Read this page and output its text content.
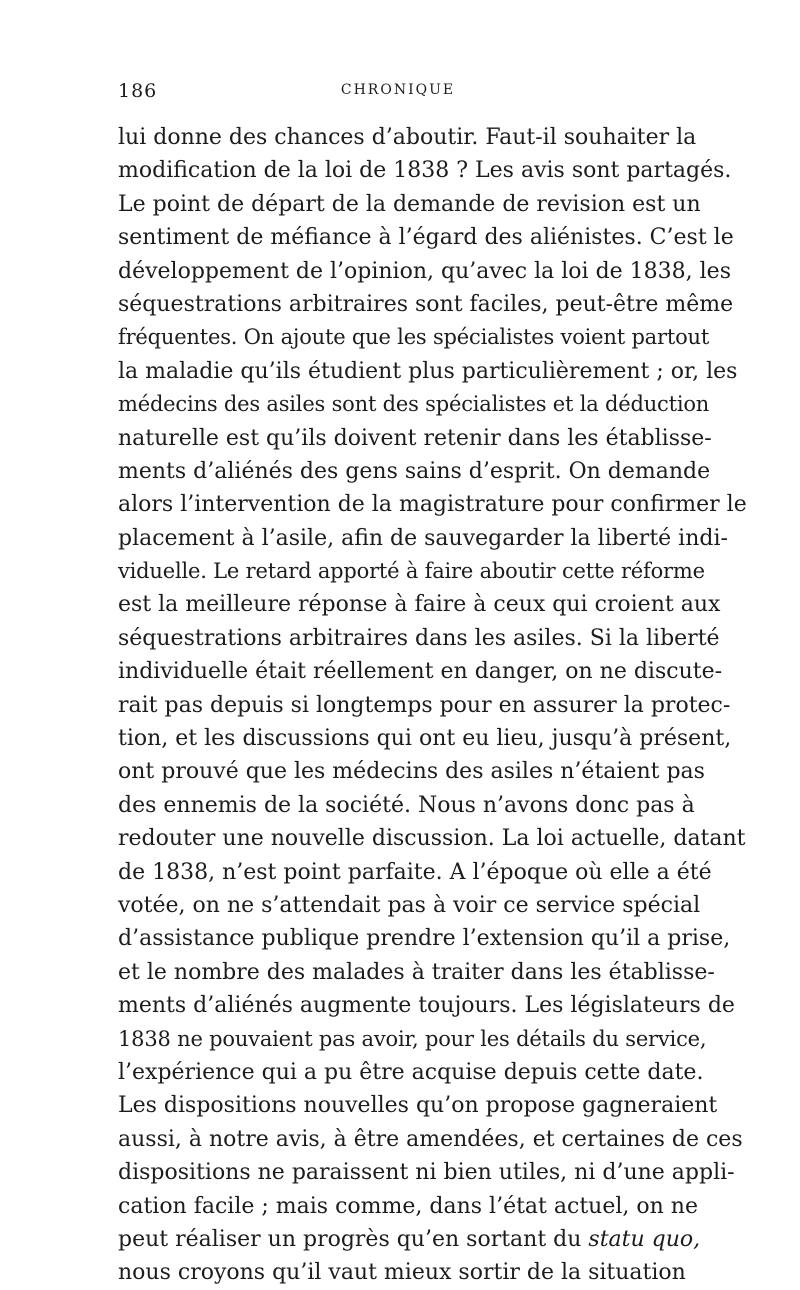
186	CHRONIQUE
lui donne des chances d’aboutir. Faut-il souhaiter la
modification de la loi de 1838 ? Les avis sont partagés.
Le point de départ de la demande de revision est un
sentiment de méfiance à l’égard des aliénistes. C’est le
développement de l’opinion, qu’avec la loi de 1838, les
séquestrations arbitraires sont faciles, peut-être même
fréquentes. On ajoute que les spécialistes voient partout
la maladie qu’ils étudient plus particulièrement ; or, les
médecins des asiles sont des spécialistes et la déduction
naturelle est qu’ils doivent retenir dans les établisse-
ments d’aliénés des gens sains d’esprit. On demande
alors l’intervention de la magistrature pour confirmer le
placement à l’asile, afin de sauvegarder la liberté indi-
viduelle. Le retard apporté à faire aboutir cette réforme
est la meilleure réponse à faire à ceux qui croient aux
séquestrations arbitraires dans les asiles. Si la liberté
individuelle était réellement en danger, on ne discute-
rait pas depuis si longtemps pour en assurer la protec-
tion, et les discussions qui ont eu lieu, jusqu’à présent,
ont prouvé que les médecins des asiles n’étaient pas
des ennemis de la société. Nous n’avons donc pas à
redouter une nouvelle discussion. La loi actuelle, datant
de 1838, n’est point parfaite. A l’époque où elle a été
votée, on ne s’attendait pas à voir ce service spécial
d’assistance publique prendre l’extension qu’il a prise,
et le nombre des malades à traiter dans les établisse-
ments d’aliénés augmente toujours. Les législateurs de
1838 ne pouvaient pas avoir, pour les détails du service,
l’expérience qui a pu être acquise depuis cette date.
Les dispositions nouvelles qu’on propose gagneraient
aussi, à notre avis, à être amendées, et certaines de ces
dispositions ne paraissent ni bien utiles, ni d’une appli-
cation facile ; mais comme, dans l’état actuel, on ne
peut réaliser un progrès qu’en sortant du statu quo,
nous croyons qu’il vaut mieux sortir de la situation
